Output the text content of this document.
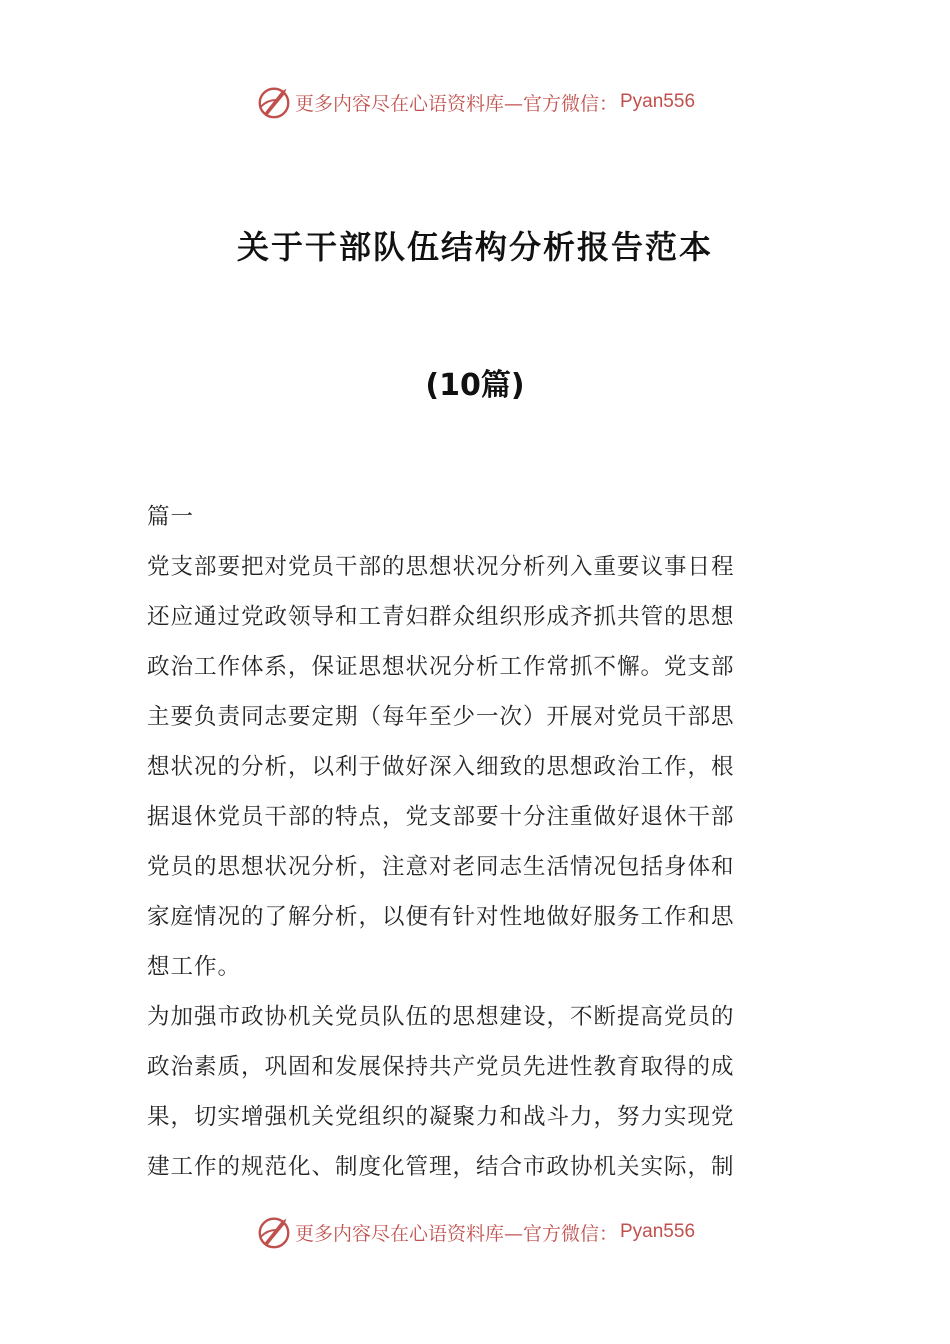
更多内容尽在心语资料库—官方微信： Pyan556
关于干部队伍结构分析报告范本
(10篇)

篇一

党支部要把对党员干部的思想状况分析列入重要议事日程

还应通过党政领导和工青妇群众组织形成齐抓共管的思想

政治工作体系，保证思想状况分析工作常抓不懈。党支部

主要负责同志要定期（每年至少一次）开展对党员干部思

想状况的分析，以利于做好深入细致的思想政治工作，根

据退休党员干部的特点，党支部要十分注重做好退休干部

党员的思想状况分析，注意对老同志生活情况包括身体和

家庭情况的了解分析，以便有针对性地做好服务工作和思

想工作。

为加强市政协机关党员队伍的思想建设，不断提高党员的

政治素质，巩固和发展保持共产党员先进性教育取得的成

果，切实增强机关党组织的凝聚力和战斗力，努力实现党

建工作的规范化、制度化管理，结合市政协机关实际，制

更多内容尽在心语资料库—官方微信： Pyan556
